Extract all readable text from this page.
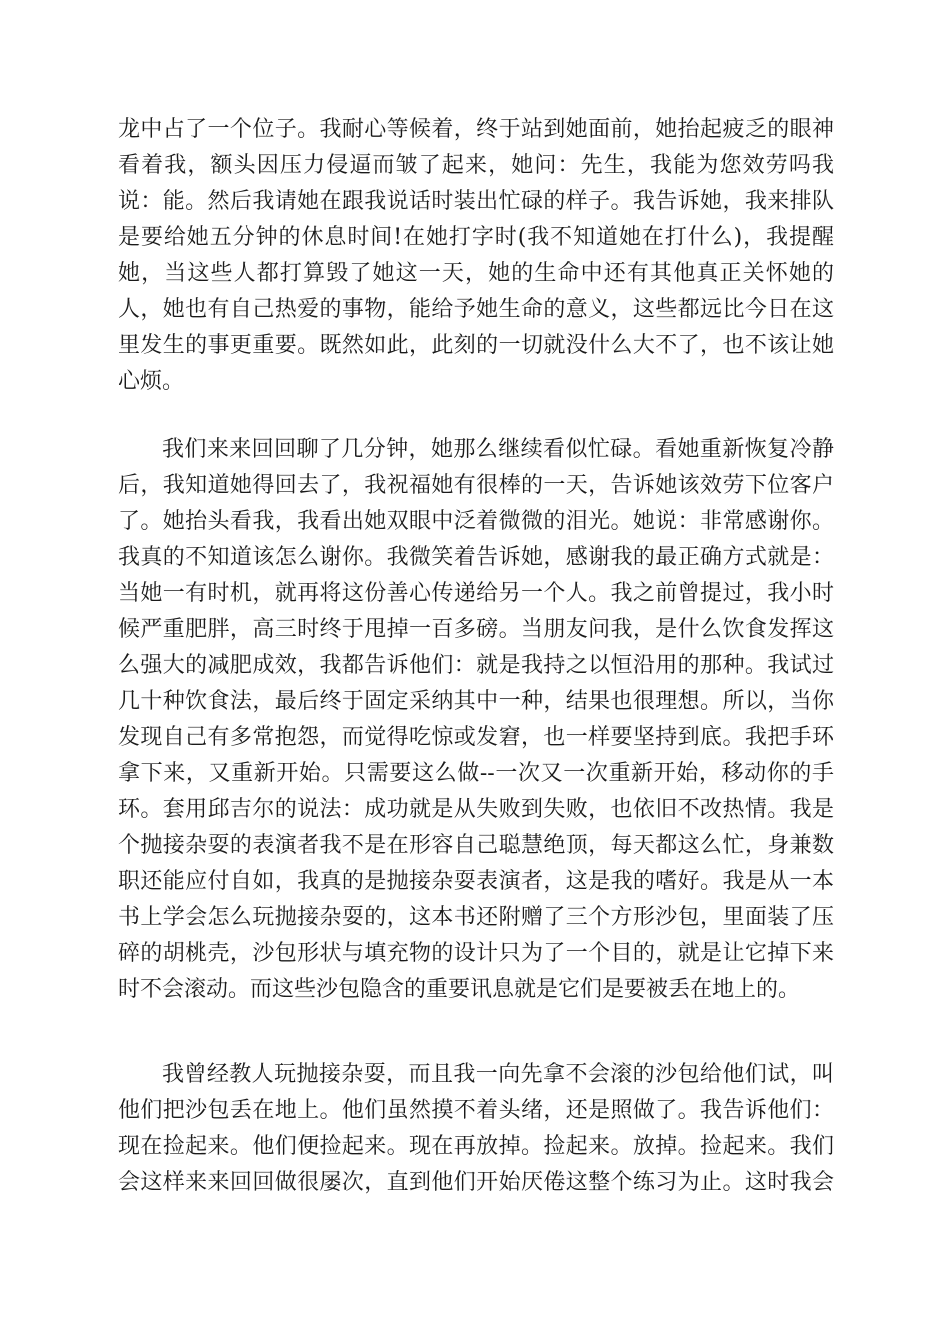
龙中占了一个位子。我耐心等候着，终于站到她面前，她抬起疲乏的眼神
看着我，额头因压力侵逼而皱了起来，她问：先生，我能为您效劳吗我
说：能。然后我请她在跟我说话时装出忙碌的样子。我告诉她，我来排队
是要给她五分钟的休息时间!在她打字时(我不知道她在打什么)，我提醒
她，当这些人都打算毁了她这一天，她的生命中还有其他真正关怀她的
人，她也有自己热爱的事物，能给予她生命的意义，这些都远比今日在这
里发生的事更重要。既然如此，此刻的一切就没什么大不了，也不该让她
心烦。
我们来来回回聊了几分钟，她那么继续看似忙碌。看她重新恢复冷静
后，我知道她得回去了，我祝福她有很棒的一天，告诉她该效劳下位客户
了。她抬头看我，我看出她双眼中泛着微微的泪光。她说：非常感谢你。
我真的不知道该怎么谢你。我微笑着告诉她，感谢我的最正确方式就是：
当她一有时机，就再将这份善心传递给另一个人。我之前曾提过，我小时
候严重肥胖，高三时终于甩掉一百多磅。当朋友问我，是什么饮食发挥这
么强大的减肥成效，我都告诉他们：就是我持之以恒沿用的那种。我试过
几十种饮食法，最后终于固定采纳其中一种，结果也很理想。所以，当你
发现自己有多常抱怨，而觉得吃惊或发窘，也一样要坚持到底。我把手环
拿下来，又重新开始。只需要这么做--一次又一次重新开始，移动你的手
环。套用邱吉尔的说法：成功就是从失败到失败，也依旧不改热情。我是
个抛接杂耍的表演者我不是在形容自己聪慧绝顶，每天都这么忙，身兼数
职还能应付自如，我真的是抛接杂耍表演者，这是我的嗜好。我是从一本
书上学会怎么玩抛接杂耍的，这本书还附赠了三个方形沙包，里面装了压
碎的胡桃壳，沙包形状与填充物的设计只为了一个目的，就是让它掉下来
时不会滚动。而这些沙包隐含的重要讯息就是它们是要被丢在地上的。
我曾经教人玩抛接杂耍，而且我一向先拿不会滚的沙包给他们试，叫
他们把沙包丢在地上。他们虽然摸不着头绪，还是照做了。我告诉他们：
现在捡起来。他们便捡起来。现在再放掉。捡起来。放掉。捡起来。我们
会这样来来回回做很屡次，直到他们开始厌倦这整个练习为止。这时我会
